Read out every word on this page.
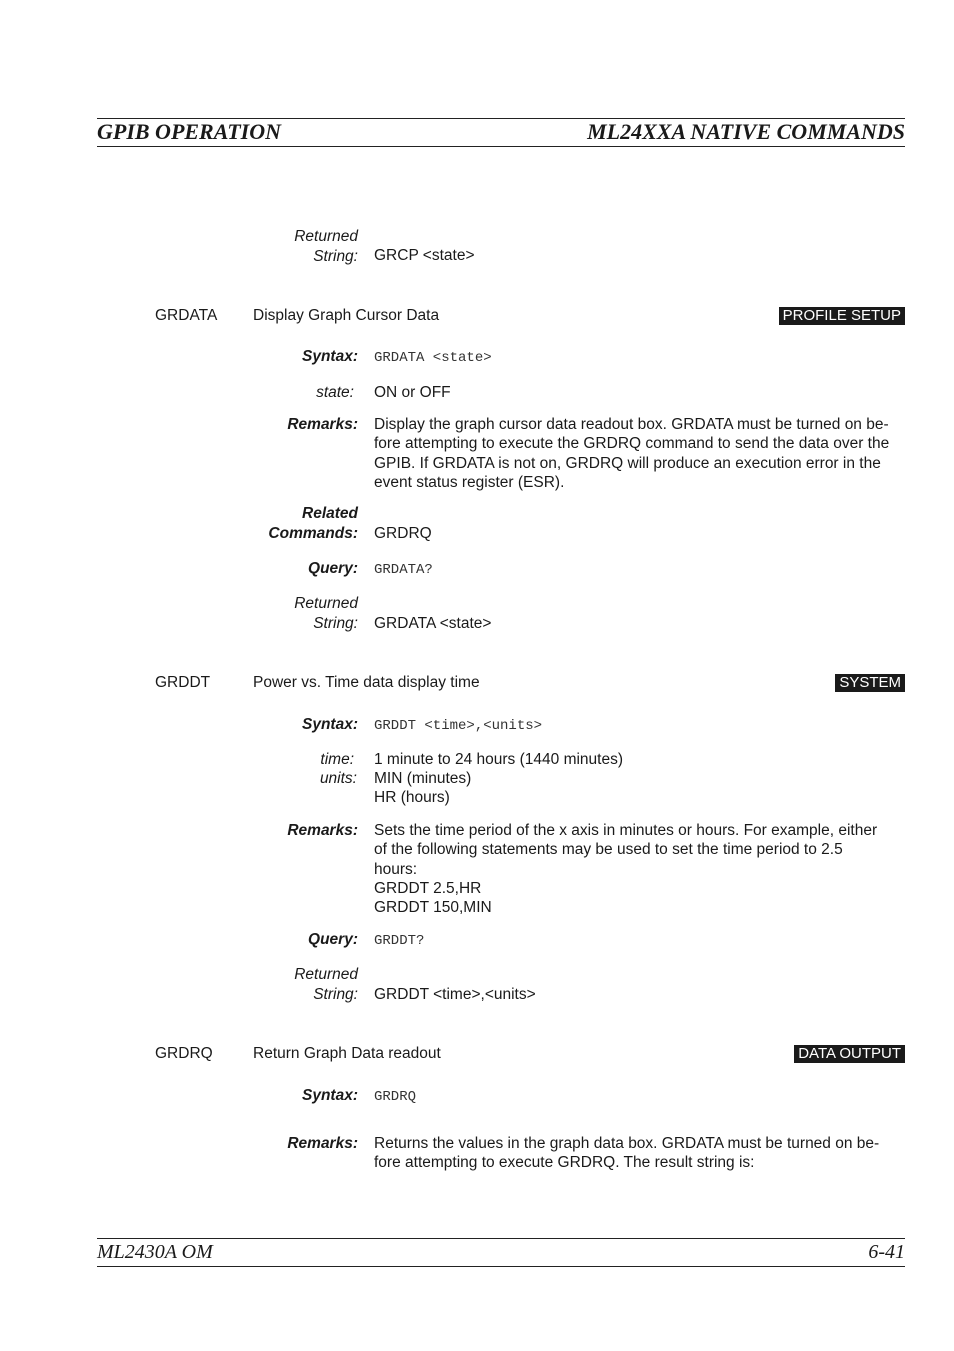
GPIB OPERATION	ML24XXA NATIVE COMMANDS
Returned
String: GRCP <state>
GRDATA Display Graph Cursor Data	PROFILE SETUP
Syntax: GRDATA <state>
state: ON or OFF
Remarks: Display the graph cursor data readout box. GRDATA must be turned on be-
fore attempting to execute the GRDRQ command to send the data over the
GPIB. If GRDATA is not on, GRDRQ will produce an execution error in the
event status register (ESR).
Related
Commands: GRDRQ
Query: GRDATA?
Returned
String: GRDATA <state>
GRDDT	Power vs. Time data display time	SYSTEM
Syntax: GRDDT <time>,<units>
time: 1 minute to 24 hours (1440 minutes)
units: MIN (minutes)
HR (hours)
Remarks: Sets the time period of the x axis in minutes or hours. For example, either
of the following statements may be used to set the time period to 2.5
hours:
GRDDT 2.5,HR
GRDDT 150,MIN
Query: GRDDT?
Returned
String: GRDDT <time>,<units>
GRDRQ	Return Graph Data readout	DATA OUTPUT
Syntax: GRDRQ
Remarks: Returns the values in the graph data box. GRDATA must be turned on be-
fore attempting to execute GRDRQ. The result string is:
ML2430A OM	6-41
